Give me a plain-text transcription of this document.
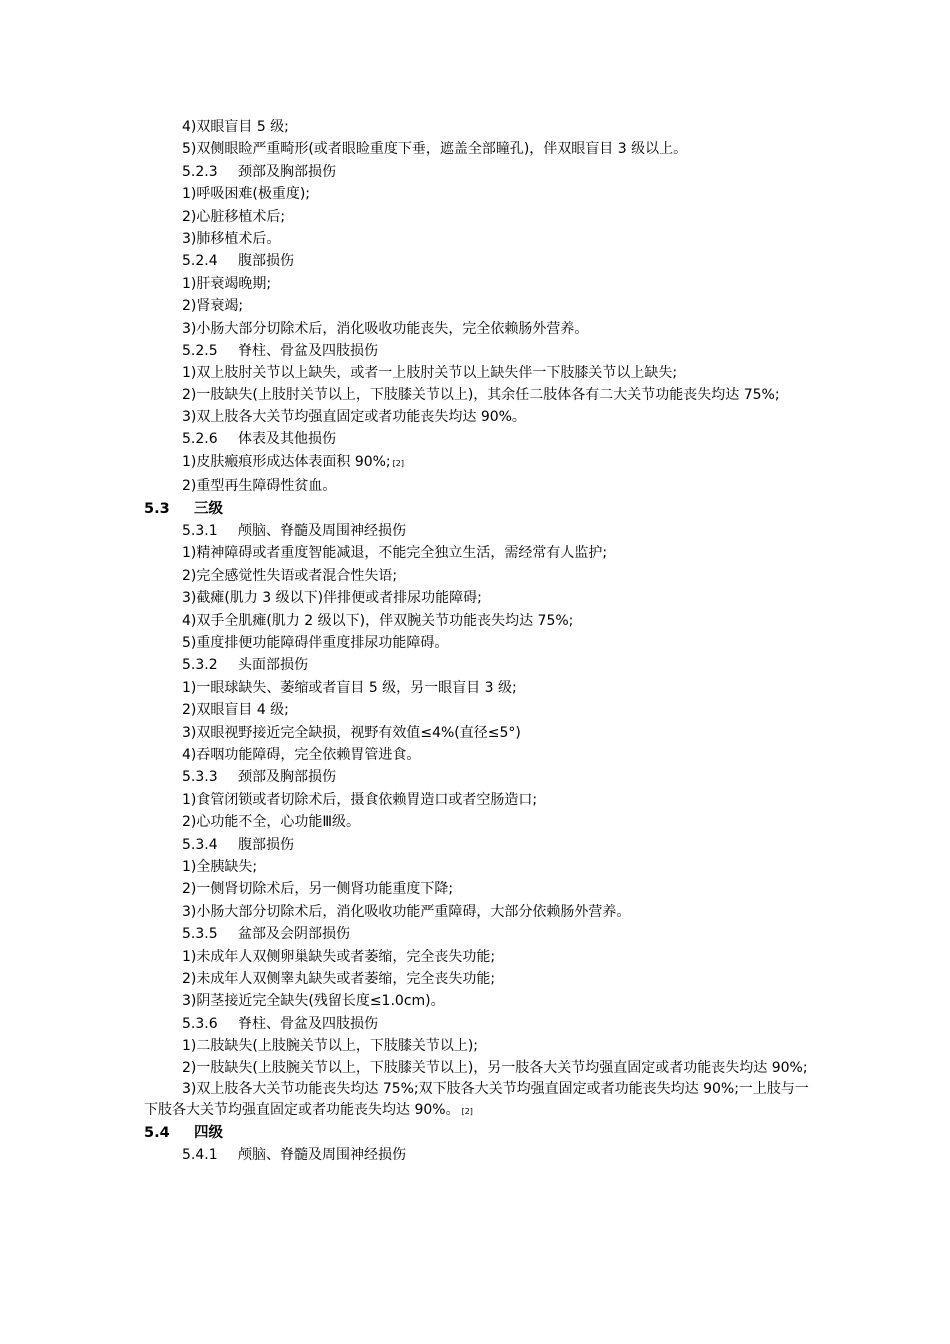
4)双眼盲目 5 级;
5)双侧眼睑严重畸形(或者眼睑重度下垂，遮盖全部瞳孔)，伴双眼盲目 3 级以上。
5.2.3 颈部及胸部损伤
1)呼吸困难(极重度);
2)心脏移植术后;
3)肺移植术后。
5.2.4 腹部损伤
1)肝衰竭晚期;
2)肾衰竭;
3)小肠大部分切除术后，消化吸收功能丧失，完全依赖肠外营养。
5.2.5 脊柱、骨盆及四肢损伤
1)双上肢肘关节以上缺失，或者一上肢肘关节以上缺失伴一下肢膝关节以上缺失;
2)一肢缺失(上肢肘关节以上，下肢膝关节以上)，其余任二肢体各有二大关节功能丧失均达 75%;
3)双上肢各大关节均强直固定或者功能丧失均达 90%。
5.2.6 体表及其他损伤
1)皮肤瘢痕形成达体表面积 90%; [2]
2)重型再生障碍性贫血。
5.3 三级
5.3.1 颅脑、脊髓及周围神经损伤
1)精神障碍或者重度智能减退，不能完全独立生活，需经常有人监护;
2)完全感觉性失语或者混合性失语;
3)截瘫(肌力 3 级以下)伴排便或者排尿功能障碍;
4)双手全肌瘫(肌力 2 级以下)，伴双腕关节功能丧失均达 75%;
5)重度排便功能障碍伴重度排尿功能障碍。
5.3.2 头面部损伤
1)一眼球缺失、萎缩或者盲目 5 级，另一眼盲目 3 级;
2)双眼盲目 4 级;
3)双眼视野接近完全缺损，视野有效值≤4%(直径≤5°)
4)吞咽功能障碍，完全依赖胃管进食。
5.3.3 颈部及胸部损伤
1)食管闭锁或者切除术后，摄食依赖胃造口或者空肠造口;
2)心功能不全，心功能Ⅲ级。
5.3.4 腹部损伤
1)全胰缺失;
2)一侧肾切除术后，另一侧肾功能重度下降;
3)小肠大部分切除术后，消化吸收功能严重障碍，大部分依赖肠外营养。
5.3.5 盆部及会阴部损伤
1)未成年人双侧卵巢缺失或者萎缩，完全丧失功能;
2)未成年人双侧睾丸缺失或者萎缩，完全丧失功能;
3)阴茎接近完全缺失(残留长度≤1.0cm)。
5.3.6 脊柱、骨盆及四肢损伤
1)二肢缺失(上肢腕关节以上，下肢膝关节以上);
2)一肢缺失(上肢腕关节以上，下肢膝关节以上)，另一肢各大关节均强直固定或者功能丧失均达 90%;
3)双上肢各大关节功能丧失均达 75%;双下肢各大关节均强直固定或者功能丧失均达 90%;一上肢与一下肢各大关节均强直固定或者功能丧失均达 90%。 [2]
5.4 四级
5.4.1 颅脑、脊髓及周围神经损伤
